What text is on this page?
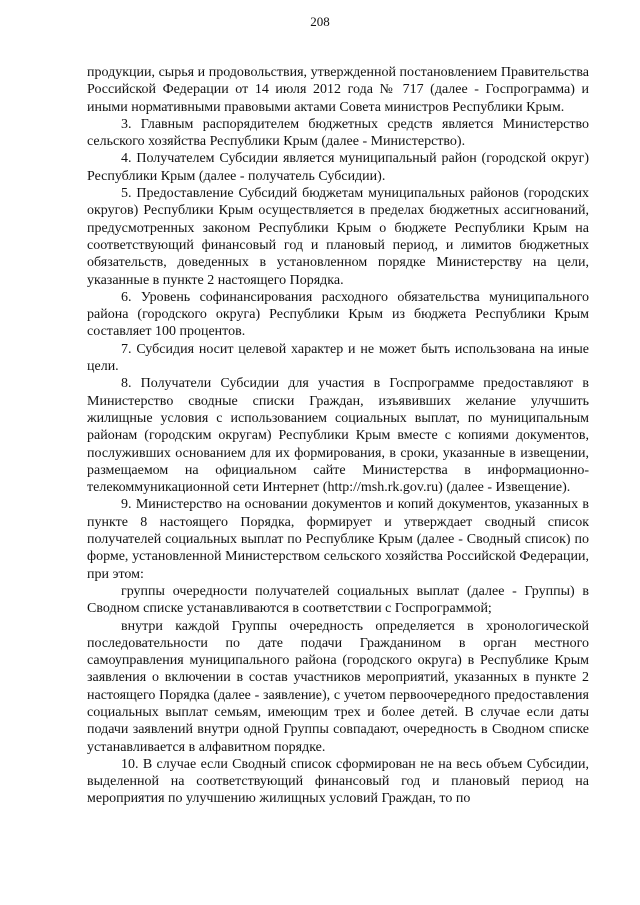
208

продукции, сырья и продовольствия, утвержденной постановлением Правительства Российской Федерации от 14 июля 2012 года № 717 (далее - Госпрограмма) и иными нормативными правовыми актами Совета министров Республики Крым.

3. Главным распорядителем бюджетных средств является Министерство сельского хозяйства Республики Крым (далее - Министерство).

4. Получателем Субсидии является муниципальный район (городской округ) Республики Крым (далее - получатель Субсидии).

5. Предоставление Субсидий бюджетам муниципальных районов (городских округов) Республики Крым осуществляется в пределах бюджетных ассигнований, предусмотренных законом Республики Крым о бюджете Республики Крым на соответствующий финансовый год и плановый период, и лимитов бюджетных обязательств, доведенных в установленном порядке Министерству на цели, указанные в пункте 2 настоящего Порядка.

6. Уровень софинансирования расходного обязательства муниципального района (городского округа) Республики Крым из бюджета Республики Крым составляет 100 процентов.

7. Субсидия носит целевой характер и не может быть использована на иные цели.

8. Получатели Субсидии для участия в Госпрограмме предоставляют в Министерство сводные списки Граждан, изъявивших желание улучшить жилищные условия с использованием социальных выплат, по муниципальным районам (городским округам) Республики Крым вместе с копиями документов, послуживших основанием для их формирования, в сроки, указанные в извещении, размещаемом на официальном сайте Министерства в информационно-телекоммуникационной сети Интернет (http://msh.rk.gov.ru) (далее - Извещение).

9. Министерство на основании документов и копий документов, указанных в пункте 8 настоящего Порядка, формирует и утверждает сводный список получателей социальных выплат по Республике Крым (далее - Сводный список) по форме, установленной Министерством сельского хозяйства Российской Федерации, при этом:

группы очередности получателей социальных выплат (далее - Группы) в Сводном списке устанавливаются в соответствии с Госпрограммой;

внутри каждой Группы очередность определяется в хронологической последовательности по дате подачи Гражданином в орган местного самоуправления муниципального района (городского округа) в Республике Крым заявления о включении в состав участников мероприятий, указанных в пункте 2 настоящего Порядка (далее - заявление), с учетом первоочередного предоставления социальных выплат семьям, имеющим трех и более детей. В случае если даты подачи заявлений внутри одной Группы совпадают, очередность в Сводном списке устанавливается в алфавитном порядке.

10. В случае если Сводный список сформирован не на весь объем Субсидии, выделенной на соответствующий финансовый год и плановый период на мероприятия по улучшению жилищных условий Граждан, то по
